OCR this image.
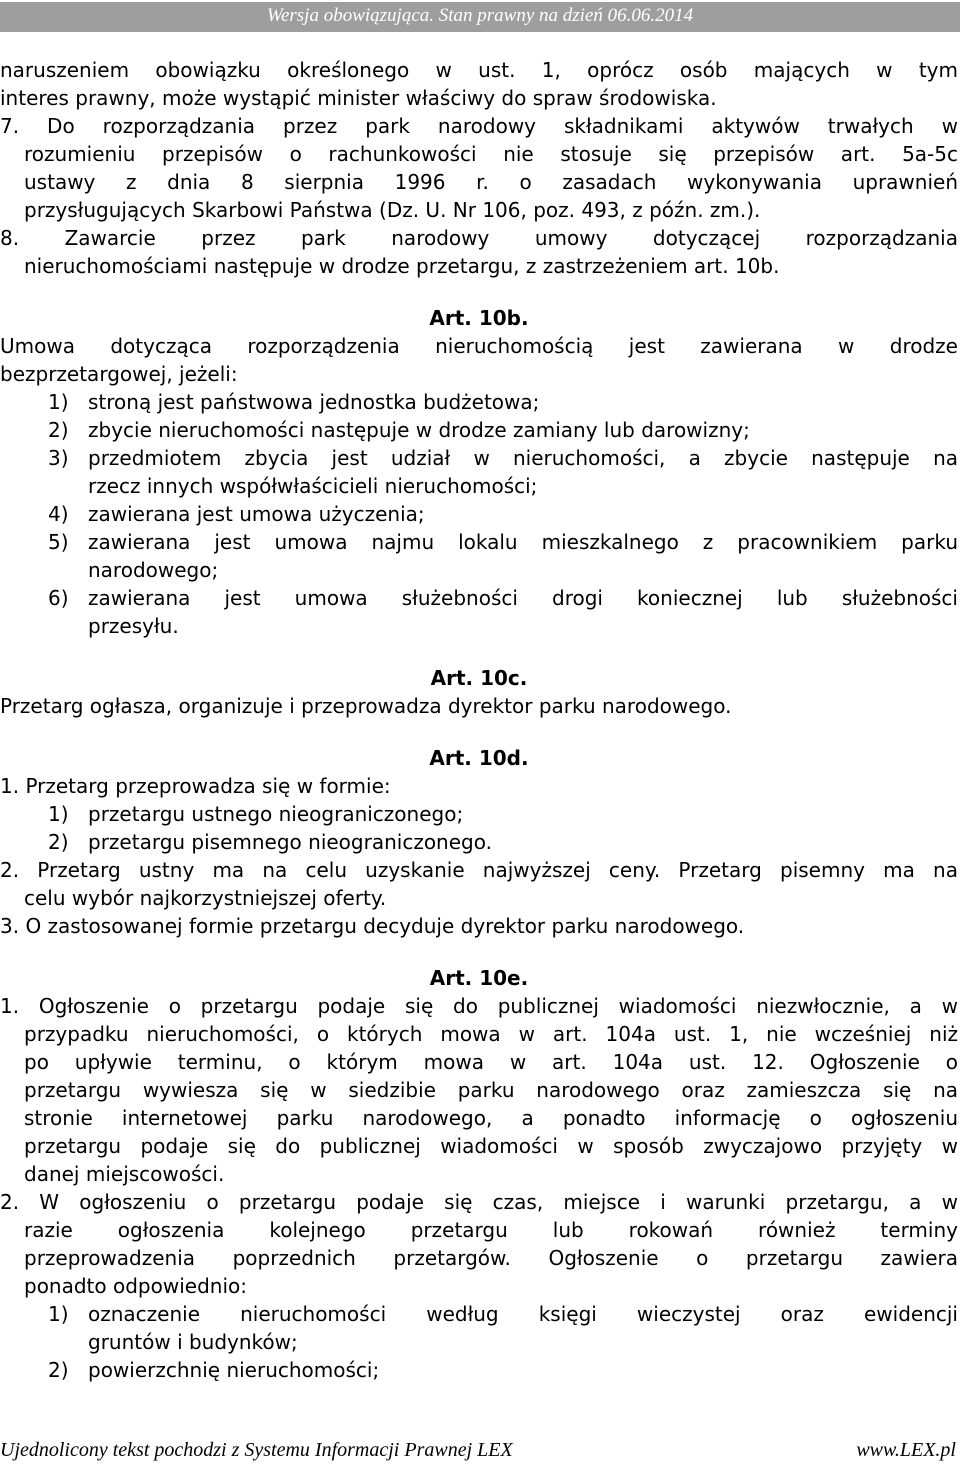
Wersja obowiązująca. Stan prawny na dzień 06.06.2014
naruszeniem obowiązku określonego w ust. 1, oprócz osób mających w tym
interes prawny, może wystąpić minister właściwy do spraw środowiska.
7. Do rozporządzania przez park narodowy składnikami aktywów trwałych w
rozumieniu przepisów o rachunkowości nie stosuje się przepisów art. 5a-5c
ustawy z dnia 8 sierpnia 1996 r. o zasadach wykonywania uprawnień
przysługujących Skarbowi Państwa (Dz. U. Nr 106, poz. 493, z późn. zm.).
8. Zawarcie przez park narodowy umowy dotyczącej rozporządzania
nieruchomościami następuje w drodze przetargu, z zastrzeżeniem art. 10b.
Art. 10b.
Umowa dotycząca rozporządzenia nieruchomością jest zawierana w drodze
bezprzetargowej, jeżeli:
1) stroną jest państwowa jednostka budżetowa;
2) zbycie nieruchomości następuje w drodze zamiany lub darowizny;
3) przedmiotem zbycia jest udział w nieruchomości, a zbycie następuje na
rzecz innych współwłaścicieli nieruchomości;
4) zawierana jest umowa użyczenia;
5) zawierana jest umowa najmu lokalu mieszkalnego z pracownikiem parku
narodowego;
6) zawierana jest umowa służebności drogi koniecznej lub służebności
przesyłu.
Art. 10c.
Przetarg ogłasza, organizuje i przeprowadza dyrektor parku narodowego.
Art. 10d.
1. Przetarg przeprowadza się w formie:
1) przetargu ustnego nieograniczonego;
2) przetargu pisemnego nieograniczonego.
2. Przetarg ustny ma na celu uzyskanie najwyższej ceny. Przetarg pisemny ma na
celu wybór najkorzystniejszej oferty.
3. O zastosowanej formie przetargu decyduje dyrektor parku narodowego.
Art. 10e.
1. Ogłoszenie o przetargu podaje się do publicznej wiadomości niezwłocznie, a w
przypadku nieruchomości, o których mowa w art. 104a ust. 1, nie wcześniej niż
po upływie terminu, o którym mowa w art. 104a ust. 12. Ogłoszenie o
przetargu wywiesza się w siedzibie parku narodowego oraz zamieszcza się na
stronie internetowej parku narodowego, a ponadto informację o ogłoszeniu
przetargu podaje się do publicznej wiadomości w sposób zwyczajowo przyjęty w
danej miejscowości.
2. W ogłoszeniu o przetargu podaje się czas, miejsce i warunki przetargu, a w
razie ogłoszenia kolejnego przetargu lub rokowań również terminy
przeprowadzenia poprzednich przetargów. Ogłoszenie o przetargu zawiera
ponadto odpowiednio:
1) oznaczenie nieruchomości według księgi wieczystej oraz ewidencji
gruntów i budynków;
2) powierzchnię nieruchomości;
Ujednolicony tekst pochodzi z Systemu Informacji Prawnej LEX	www.LEX.pl
